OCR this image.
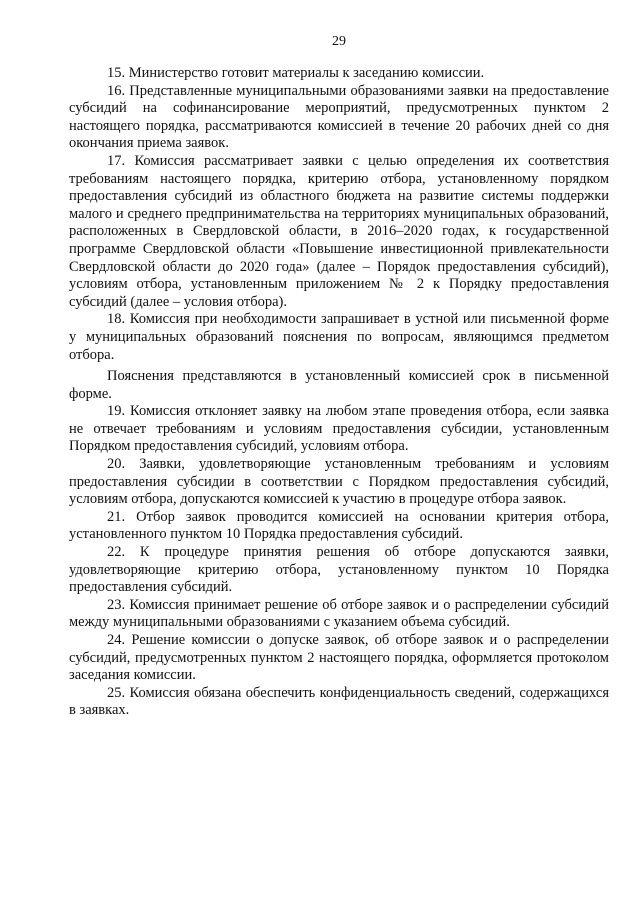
29

15. Министерство готовит материалы к заседанию комиссии.

16. Представленные муниципальными образованиями заявки на предоставление субсидий на софинансирование мероприятий, предусмотренных пунктом 2 настоящего порядка, рассматриваются комиссией в течение 20 рабочих дней со дня окончания приема заявок.

17. Комиссия рассматривает заявки с целью определения их соответствия требованиям настоящего порядка, критерию отбора, установленному порядком предоставления субсидий из областного бюджета на развитие системы поддержки малого и среднего предпринимательства на территориях муниципальных образований, расположенных в Свердловской области, в 2016–2020 годах, к государственной программе Свердловской области «Повышение инвестиционной привлекательности Свердловской области до 2020 года» (далее – Порядок предоставления субсидий), условиям отбора, установленным приложением № 2 к Порядку предоставления субсидий (далее – условия отбора).

18. Комиссия при необходимости запрашивает в устной или письменной форме у муниципальных образований пояснения по вопросам, являющимся предметом отбора.

Пояснения представляются в установленный комиссией срок в письменной форме.

19. Комиссия отклоняет заявку на любом этапе проведения отбора, если заявка не отвечает требованиям и условиям предоставления субсидии, установленным Порядком предоставления субсидий, условиям отбора.

20. Заявки, удовлетворяющие установленным требованиям и условиям предоставления субсидии в соответствии с Порядком предоставления субсидий, условиям отбора, допускаются комиссией к участию в процедуре отбора заявок.

21. Отбор заявок проводится комиссией на основании критерия отбора, установленного пунктом 10 Порядка предоставления субсидий.

22. К процедуре принятия решения об отборе допускаются заявки, удовлетворяющие критерию отбора, установленному пунктом 10 Порядка предоставления субсидий.

23. Комиссия принимает решение об отборе заявок и о распределении субсидий между муниципальными образованиями с указанием объема субсидий.

24. Решение комиссии о допуске заявок, об отборе заявок и о распределении субсидий, предусмотренных пунктом 2 настоящего порядка, оформляется протоколом заседания комиссии.

25. Комиссия обязана обеспечить конфиденциальность сведений, содержащихся в заявках.
